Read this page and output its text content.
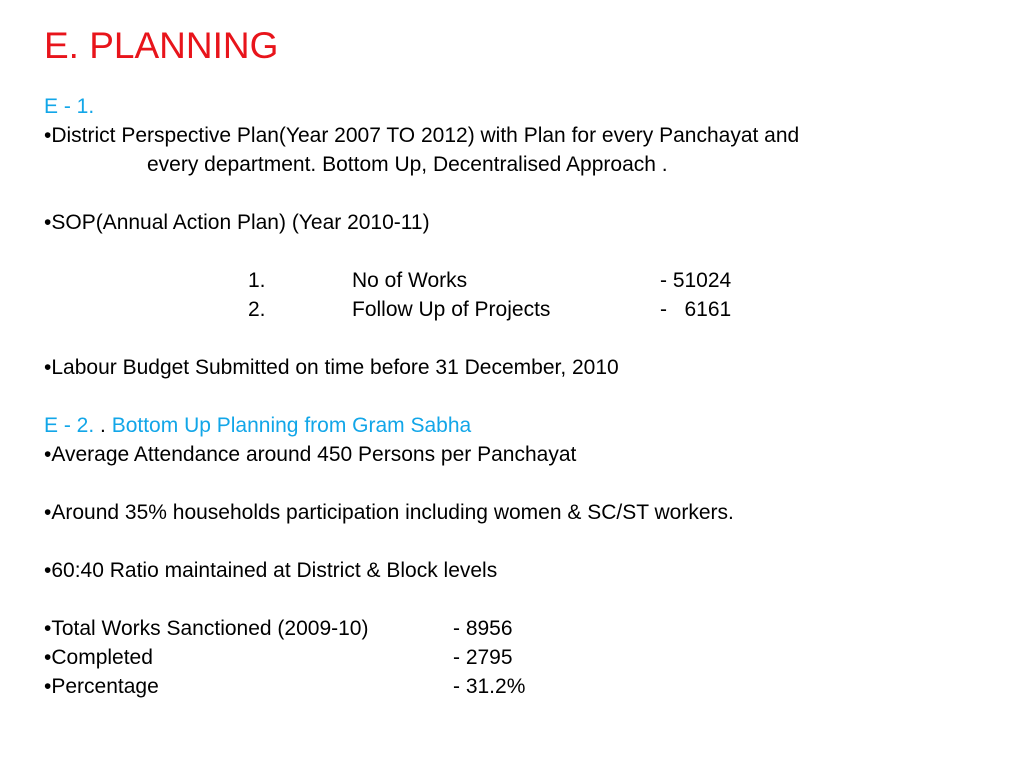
E. PLANNING
E - 1.
•District Perspective Plan(Year 2007 TO 2012) with Plan for every Panchayat and
every department. Bottom Up, Decentralised Approach .
•SOP(Annual Action Plan) (Year 2010-11)
1.	No of Works	- 51024
2.	Follow Up of Projects	-   6161
•Labour Budget Submitted on time before 31 December, 2010
E - 2. . Bottom Up Planning from Gram Sabha
•Average Attendance around 450 Persons per Panchayat
•Around 35% households participation including women & SC/ST workers.
•60:40 Ratio maintained at District & Block levels
•Total Works Sanctioned (2009-10)	- 8956
•Completed	- 2795
•Percentage	- 31.2%
